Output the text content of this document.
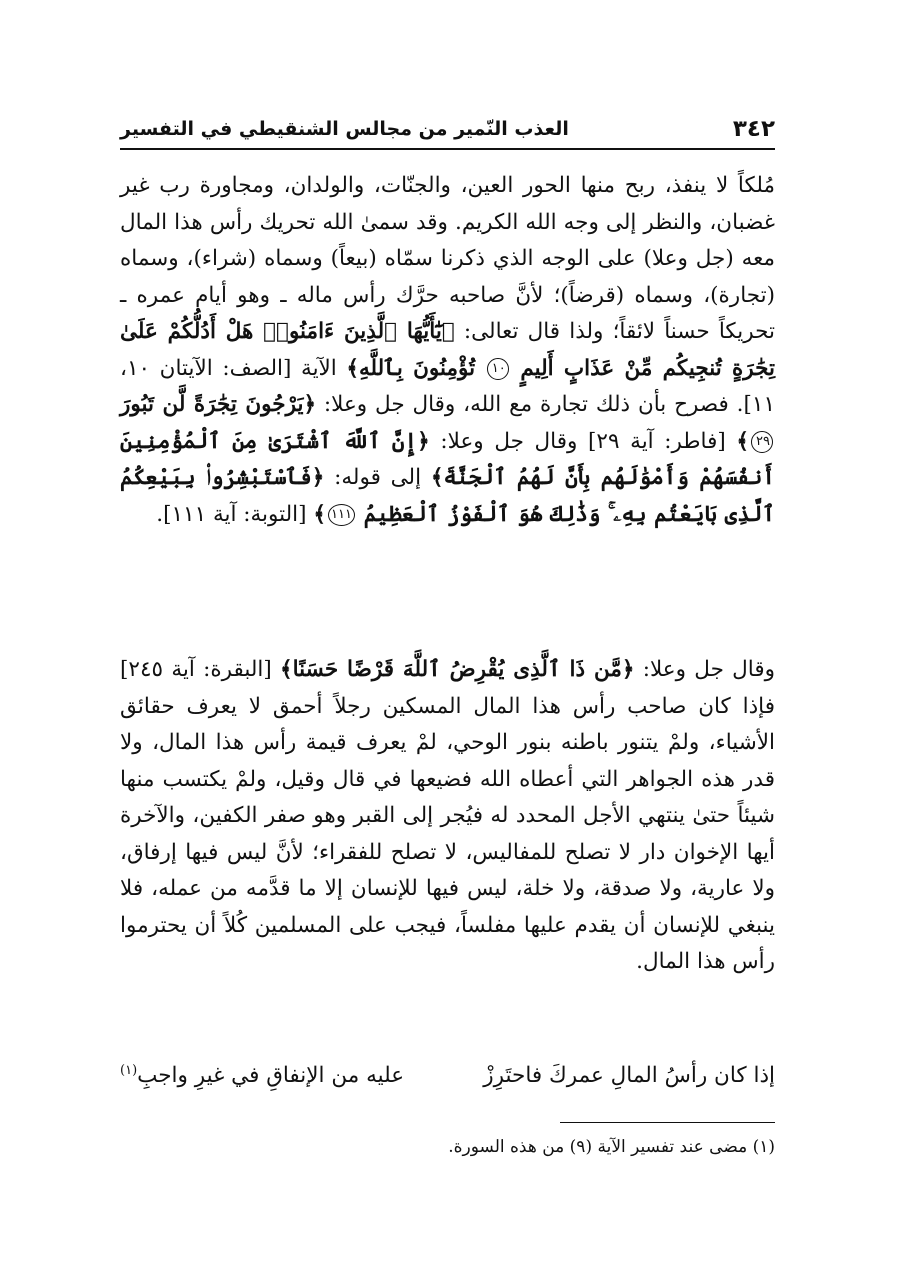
٣٤٢
العذب النّمير من مجالس الشنقيطي في التفسير
مُلكاً لا ينفذ، ربح منها الحور العين، والجنّات، والولدان، ومجاورة رب غير غضبان، والنظر إلى وجه الله الكريم. وقد سمىٰ الله تحريك رأس هذا المال معه (جل وعلا) على الوجه الذي ذكرنا سمّاه (بيعاً) وسماه (شراء)، وسماه (تجارة)، وسماه (قرضاً)؛ لأنَّ صاحبه حرَّك رأس ماله ـ وهو أيام عمره ـ تحريكاً حسناً لائقاً؛ ولذا قال تعالى: ﴿يَٰٓأَيُّهَا ٱلَّذِينَ ءَامَنُوا۟ هَلْ أَدُلُّكُمْ عَلَىٰ تِجَٰرَةٍ تُنجِيكُم مِّنْ عَذَابٍ أَلِيمٍ ١٠ تُؤْمِنُونَ بِٱللَّهِ﴾ الآية [الصف: الآيتان ١٠، ١١]. فصرح بأن ذلك تجارة مع الله، وقال جل وعلا: ﴿يَرْجُونَ تِجَٰرَةً لَّن تَبُورَ ٢٩﴾ [فاطر: آية ٢٩] وقال جل وعلا: ﴿إِنَّ ٱللَّهَ ٱشْتَرَىٰ مِنَ ٱلْمُؤْمِنِينَ أَنفُسَهُمْ وَأَمْوَٰلَهُم بِأَنَّ لَهُمُ ٱلْجَنَّةَ﴾ إلى قوله: ﴿فَٱسْتَبْشِرُوا۟ بِبَيْعِكُمُ ٱلَّذِى بَايَعْتُم بِهِۦ ۚ وَذَٰلِكَ هُوَ ٱلْفَوْزُ ٱلْعَظِيمُ ١١١﴾ [التوبة: آية ١١١].
وقال جل وعلا: ﴿مَّن ذَا ٱلَّذِى يُقْرِضُ ٱللَّهَ قَرْضًا حَسَنًا﴾ [البقرة: آية ٢٤٥] فإذا كان صاحب رأس هذا المال المسكين رجلاً أحمق لا يعرف حقائق الأشياء، ولمْ يتنور باطنه بنور الوحي، لمْ يعرف قيمة رأس هذا المال، ولا قدر هذه الجواهر التي أعطاه الله فضيعها في قال وقيل، ولمْ يكتسب منها شيئاً حتىٰ ينتهي الأجل المحدد له فيُجر إلى القبر وهو صفر الكفين، والآخرة أيها الإخوان دار لا تصلح للمفاليس، لا تصلح للفقراء؛ لأنَّ ليس فيها إرفاق، ولا عارية، ولا صدقة، ولا خلة، ليس فيها للإنسان إلا ما قدَّمه من عمله، فلا ينبغي للإنسان أن يقدم عليها مفلساً، فيجب على المسلمين كُلاً أن يحترموا رأس هذا المال.
إذا كان رأسُ المالِ عمركَ فاحتَرِزْ
عليه من الإنفاقِ في غيرِ واجبِ$^{(١)}$
(١) مضى عند تفسير الآية (٩) من هذه السورة.
